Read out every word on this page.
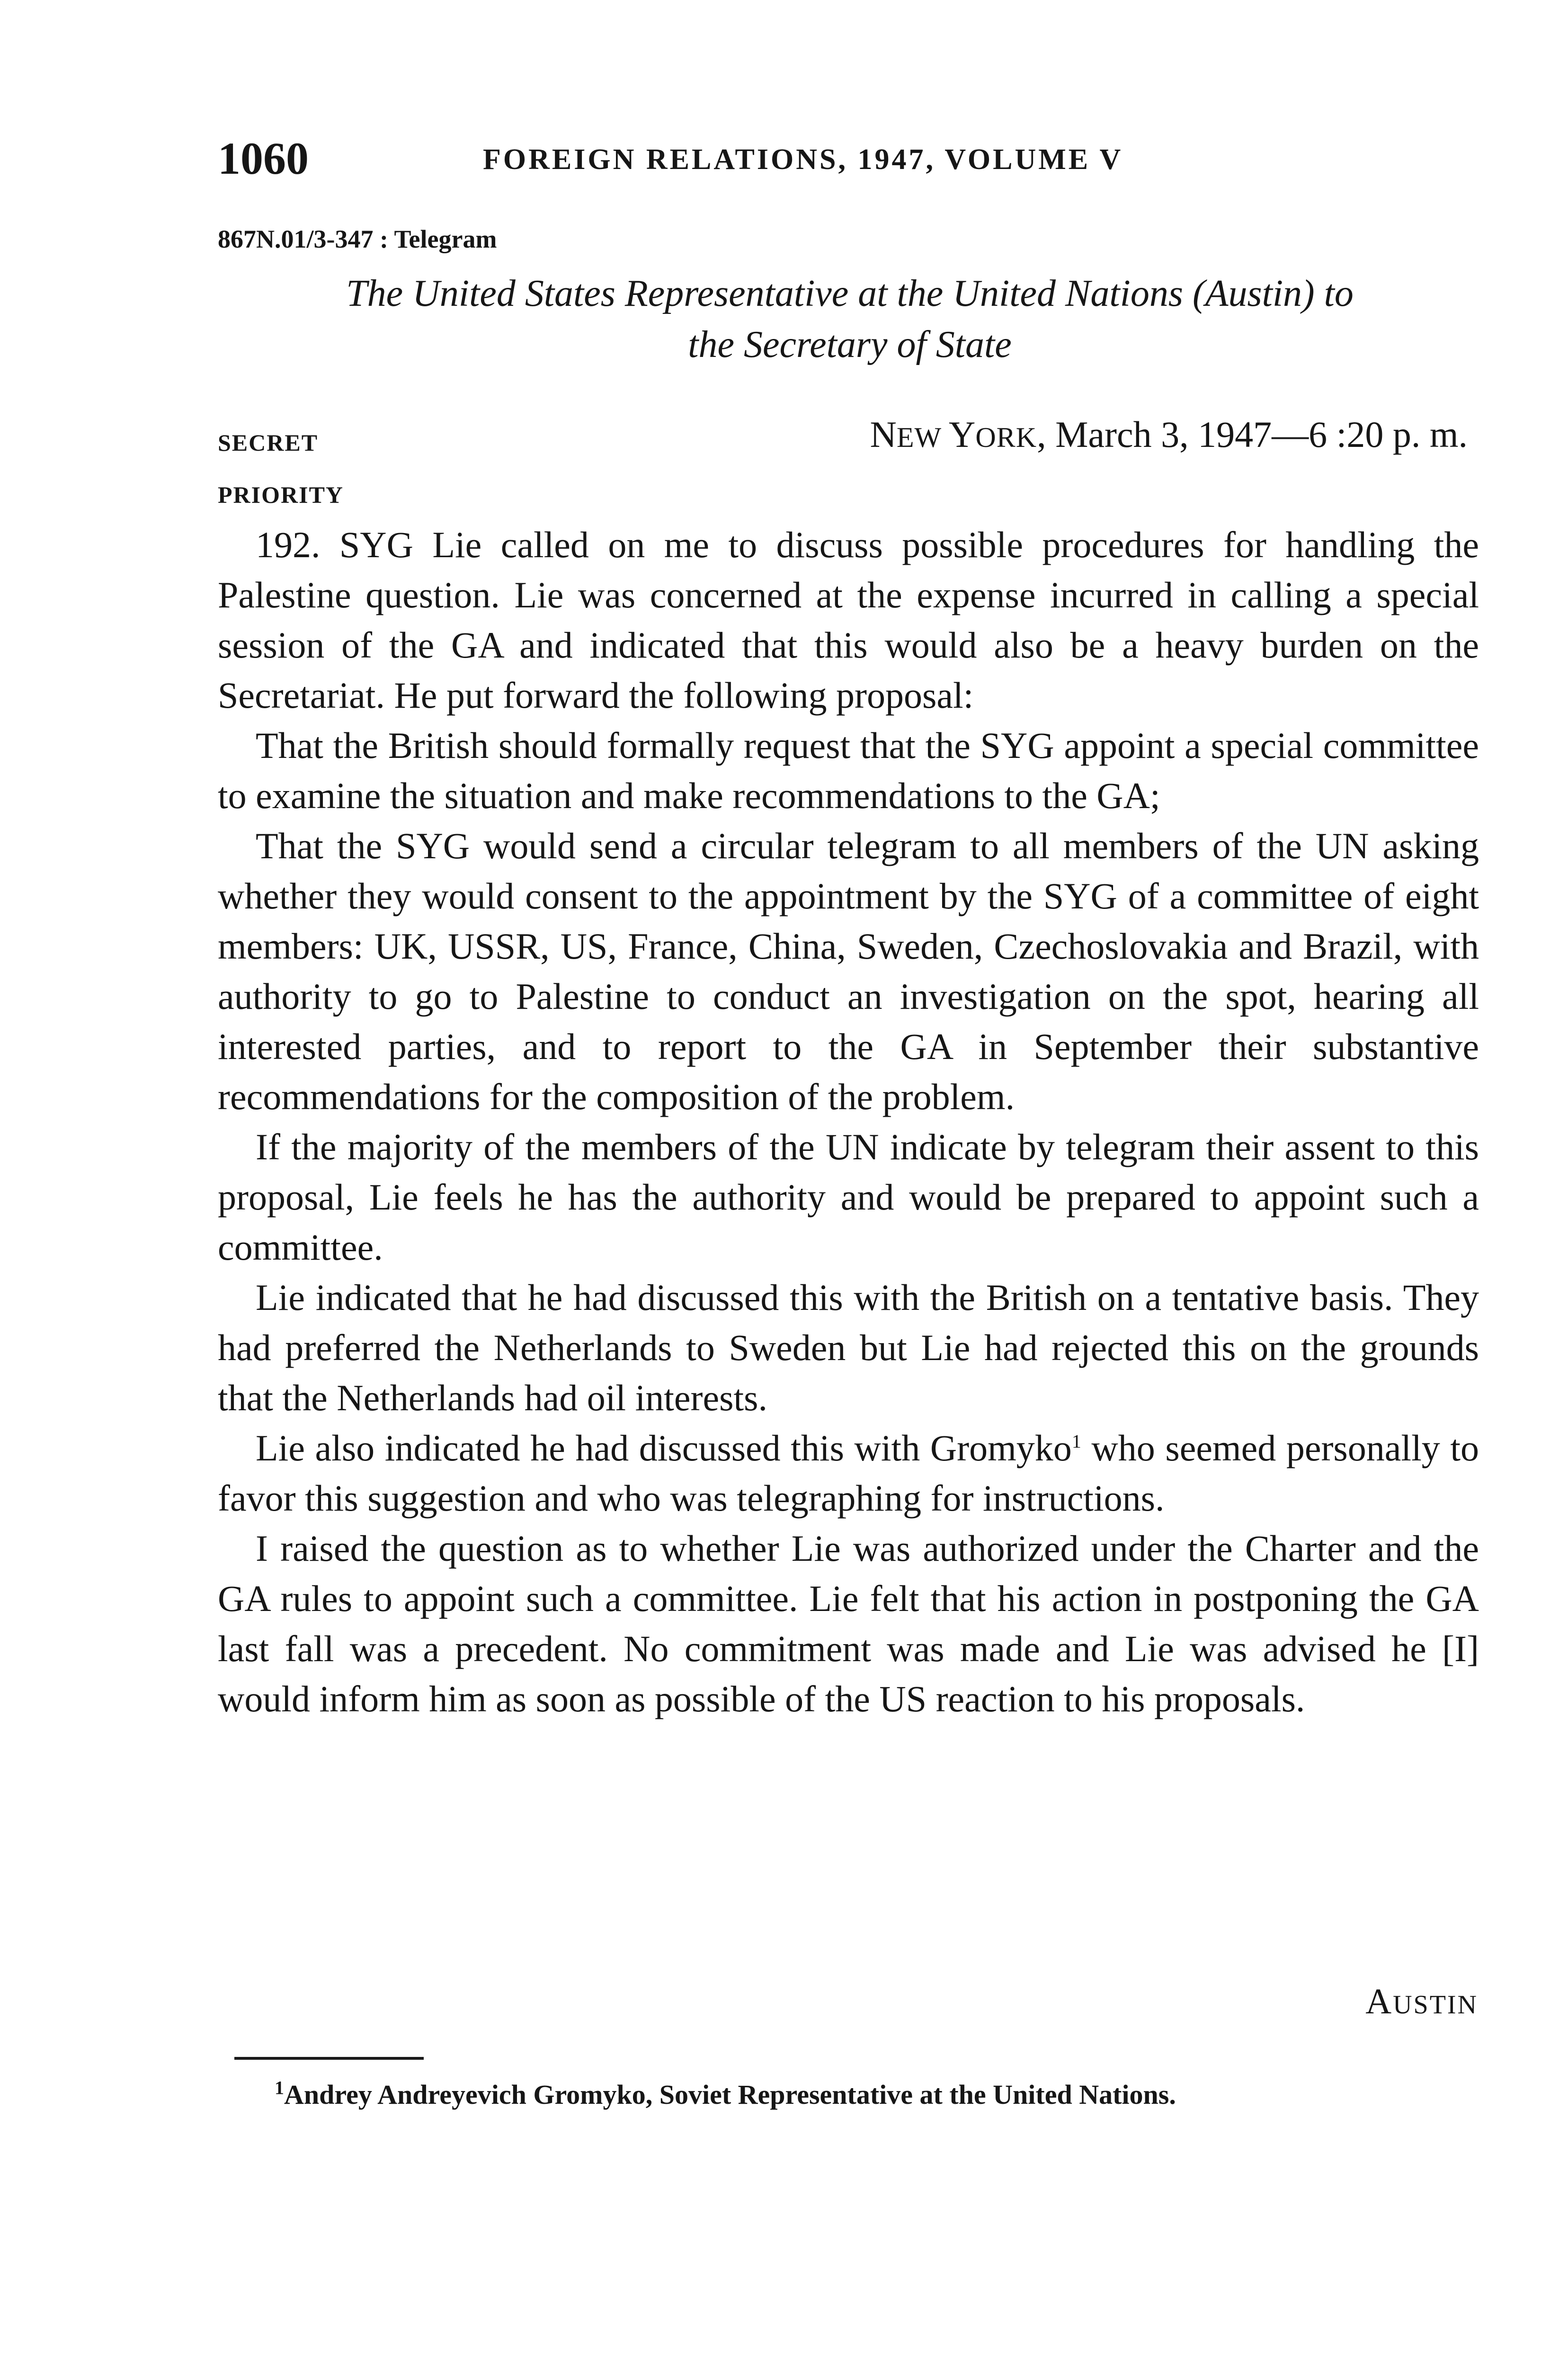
1060	FOREIGN RELATIONS, 1947, VOLUME V
867N.01/3-347 : Telegram
The United States Representative at the United Nations (Austin) to
the Secretary of State
SECRET
PRIORITY
NEW YORK, March 3, 1947—6 :20 p. m.

192. SYG Lie called on me to discuss possible procedures for handling the Palestine question. Lie was concerned at the expense incurred in calling a special session of the GA and indicated that this would also be a heavy burden on the Secretariat. He put forward the following proposal:

That the British should formally request that the SYG appoint a special committee to examine the situation and make recommendations to the GA;

That the SYG would send a circular telegram to all members of the UN asking whether they would consent to the appointment by the SYG of a committee of eight members: UK, USSR, US, France, China, Sweden, Czechoslovakia and Brazil, with authority to go to Palestine to conduct an investigation on the spot, hearing all interested parties, and to report to the GA in September their substantive recommendations for the composition of the problem.

If the majority of the members of the UN indicate by telegram their assent to this proposal, Lie feels he has the authority and would be prepared to appoint such a committee.

Lie indicated that he had discussed this with the British on a tentative basis. They had preferred the Netherlands to Sweden but Lie had rejected this on the grounds that the Netherlands had oil interests.

Lie also indicated he had discussed this with Gromyko$^1$ who seemed personally to favor this suggestion and who was telegraphing for instructions.

I raised the question as to whether Lie was authorized under the Charter and the GA rules to appoint such a committee. Lie felt that his action in postponing the GA last fall was a precedent. No commitment was made and Lie was advised he [I] would inform him as soon as possible of the US reaction to his proposals.

AUSTIN
$^1$Andrey Andreyevich Gromyko, Soviet Representative at the United Nations.
